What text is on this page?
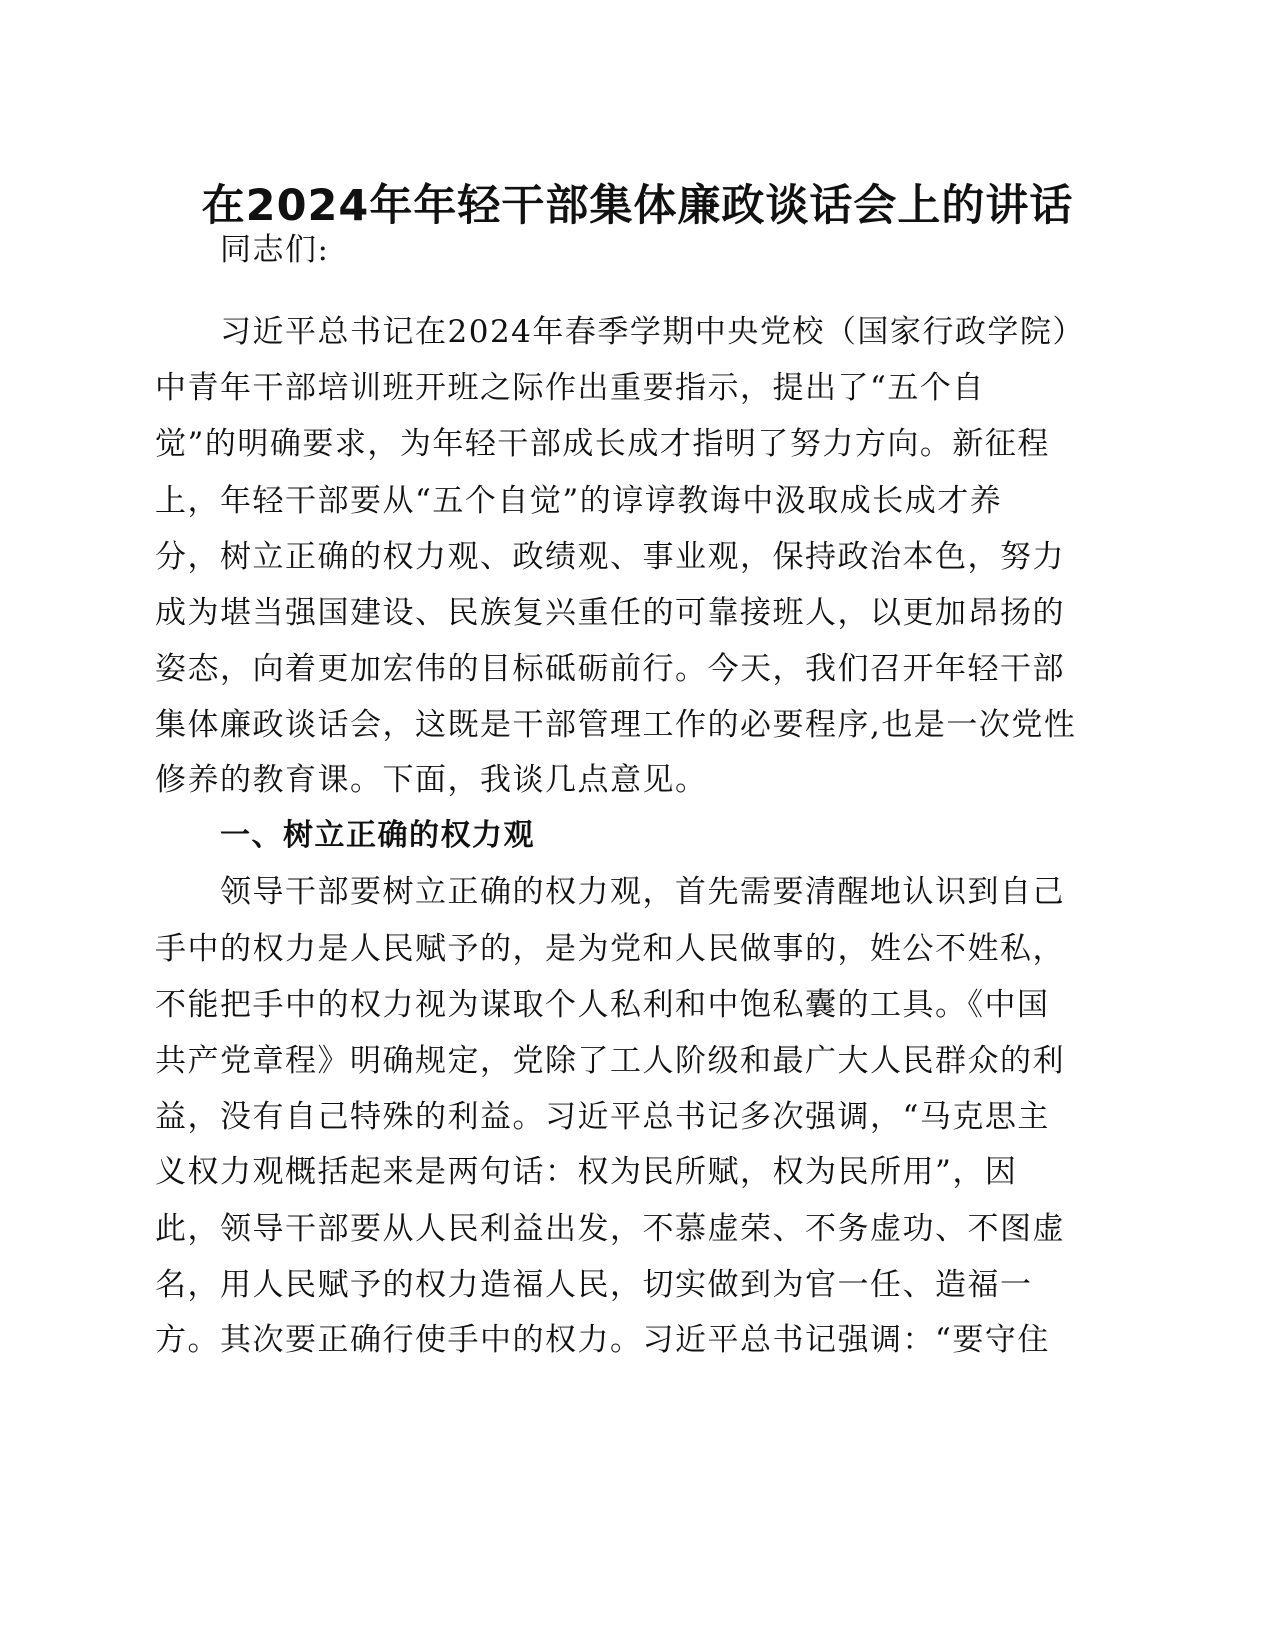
在2024年年轻干部集体廉政谈话会上的讲话
同志们:
习近平总书记在2024年春季学期中央党校（国家行政学院）
中青年干部培训班开班之际作出重要指示，提出了“五个自
觉”的明确要求，为年轻干部成长成才指明了努力方向。新征程
上，年轻干部要从“五个自觉”的谆谆教诲中汲取成长成才养
分，树立正确的权力观、政绩观、事业观，保持政治本色，努力
成为堪当强国建设、民族复兴重任的可靠接班人，以更加昂扬的
姿态，向着更加宏伟的目标砥砺前行。今天，我们召开年轻干部
集体廉政谈话会，这既是干部管理工作的必要程序,也是一次党性
修养的教育课。下面，我谈几点意见。
一、树立正确的权力观
领导干部要树立正确的权力观，首先需要清醒地认识到自己
手中的权力是人民赋予的，是为党和人民做事的，姓公不姓私，
不能把手中的权力视为谋取个人私利和中饱私囊的工具。《中国
共产党章程》明确规定，党除了工人阶级和最广大人民群众的利
益，没有自己特殊的利益。习近平总书记多次强调，“马克思主
义权力观概括起来是两句话：权为民所赋，权为民所用”，因
此，领导干部要从人民利益出发，不慕虚荣、不务虚功、不图虚
名，用人民赋予的权力造福人民，切实做到为官一任、造福一
方。其次要正确行使手中的权力。习近平总书记强调：“要守住
